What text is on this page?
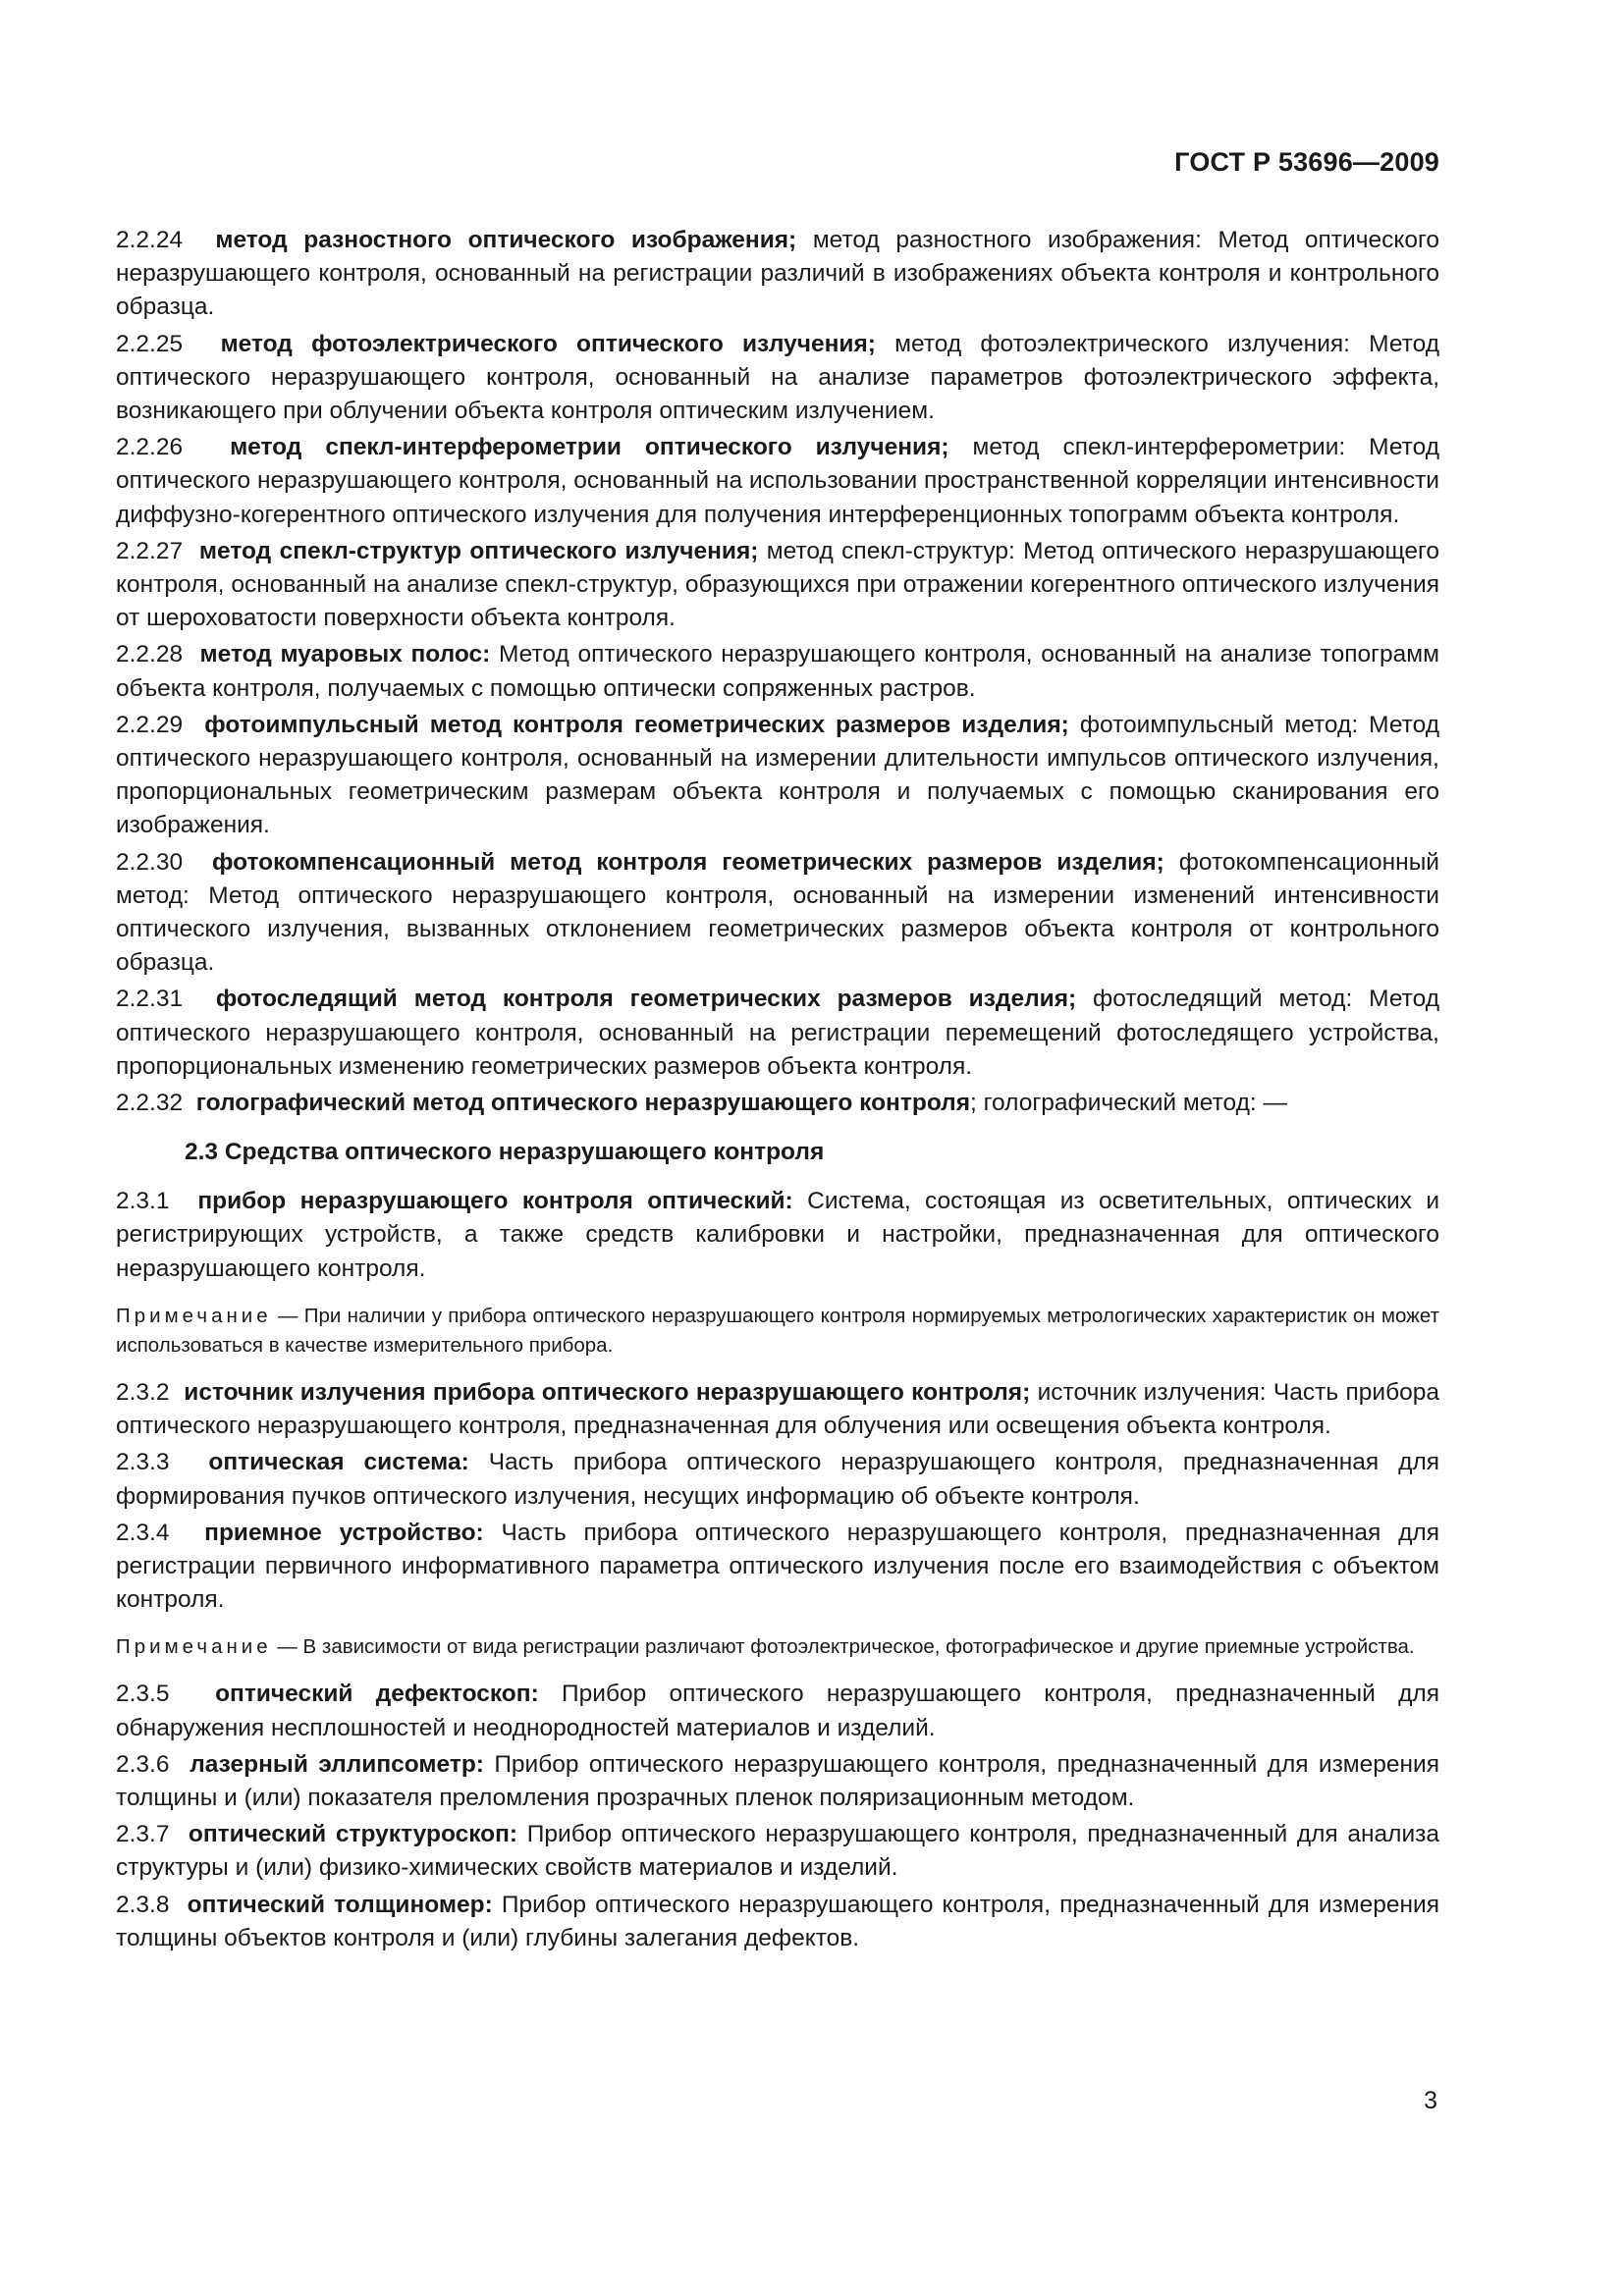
ГОСТ Р 53696—2009

2.2.24 метод разностного оптического изображения; метод разностного изображения: Метод оптического неразрушающего контроля, основанный на регистрации различий в изображениях объекта контроля и контрольного образца.

2.2.25 метод фотоэлектрического оптического излучения; метод фотоэлектрического излучения: Метод оптического неразрушающего контроля, основанный на анализе параметров фотоэлектрического эффекта, возникающего при облучении объекта контроля оптическим излучением.

2.2.26 метод спекл-интерферометрии оптического излучения; метод спекл-интерферометрии: Метод оптического неразрушающего контроля, основанный на использовании пространственной корреляции интенсивности диффузно-когерентного оптического излучения для получения интерференционных топограмм объекта контроля.

2.2.27 метод спекл-структур оптического излучения; метод спекл-структур: Метод оптического неразрушающего контроля, основанный на анализе спекл-структур, образующихся при отражении когерентного оптического излучения от шероховатости поверхности объекта контроля.

2.2.28 метод муаровых полос: Метод оптического неразрушающего контроля, основанный на анализе топограмм объекта контроля, получаемых с помощью оптически сопряженных растров.

2.2.29 фотоимпульсный метод контроля геометрических размеров изделия; фотоимпульсный метод: Метод оптического неразрушающего контроля, основанный на измерении длительности импульсов оптического излучения, пропорциональных геометрическим размерам объекта контроля и получаемых с помощью сканирования его изображения.

2.2.30 фотокомпенсационный метод контроля геометрических размеров изделия; фотокомпенсационный метод: Метод оптического неразрушающего контроля, основанный на измерении изменений интенсивности оптического излучения, вызванных отклонением геометрических размеров объекта контроля от контрольного образца.

2.2.31 фотоследящий метод контроля геометрических размеров изделия; фотоследящий метод: Метод оптического неразрушающего контроля, основанный на регистрации перемещений фотоследящего устройства, пропорциональных изменению геометрических размеров объекта контроля.

2.2.32 голографический метод оптического неразрушающего контроля; голографический метод: —

2.3 Средства оптического неразрушающего контроля

2.3.1 прибор неразрушающего контроля оптический: Система, состоящая из осветительных, оптических и регистрирующих устройств, а также средств калибровки и настройки, предназначенная для оптического неразрушающего контроля.

Примечание — При наличии у прибора оптического неразрушающего контроля нормируемых метрологических характеристик он может использоваться в качестве измерительного прибора.

2.3.2 источник излучения прибора оптического неразрушающего контроля; источник излучения: Часть прибора оптического неразрушающего контроля, предназначенная для облучения или освещения объекта контроля.

2.3.3 оптическая система: Часть прибора оптического неразрушающего контроля, предназначенная для формирования пучков оптического излучения, несущих информацию об объекте контроля.

2.3.4 приемное устройство: Часть прибора оптического неразрушающего контроля, предназначенная для регистрации первичного информативного параметра оптического излучения после его взаимодействия с объектом контроля.

Примечание — В зависимости от вида регистрации различают фотоэлектрическое, фотографическое и другие приемные устройства.

2.3.5 оптический дефектоскоп: Прибор оптического неразрушающего контроля, предназначенный для обнаружения несплошностей и неоднородностей материалов и изделий.

2.3.6 лазерный эллипсометр: Прибор оптического неразрушающего контроля, предназначенный для измерения толщины и (или) показателя преломления прозрачных пленок поляризационным методом.

2.3.7 оптический структуроскоп: Прибор оптического неразрушающего контроля, предназначенный для анализа структуры и (или) физико-химических свойств материалов и изделий.

2.3.8 оптический толщиномер: Прибор оптического неразрушающего контроля, предназначенный для измерения толщины объектов контроля и (или) глубины залегания дефектов.

3
